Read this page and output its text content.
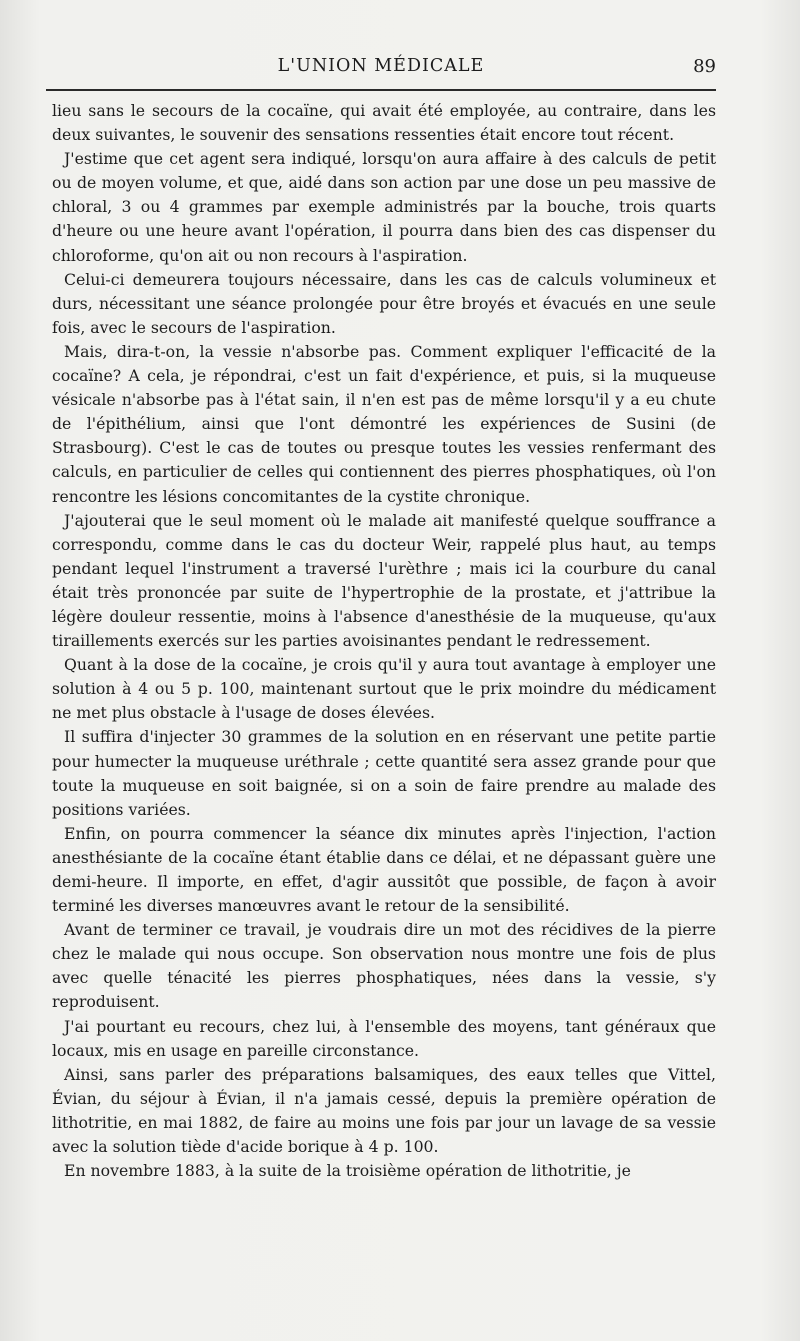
L'UNION MÉDICALE	89

lieu sans le secours de la cocaïne, qui avait été employée, au contraire, dans les deux suivantes, le souvenir des sensations ressenties était encore tout récent.

J'estime que cet agent sera indiqué, lorsqu'on aura affaire à des calculs de petit ou de moyen volume, et que, aidé dans son action par une dose un peu massive de chloral, 3 ou 4 grammes par exemple administrés par la bouche, trois quarts d'heure ou une heure avant l'opération, il pourra dans bien des cas dispenser du chloroforme, qu'on ait ou non recours à l'aspiration.

Celui-ci demeurera toujours nécessaire, dans les cas de calculs volumineux et durs, nécessitant une séance prolongée pour être broyés et évacués en une seule fois, avec le secours de l'aspiration.

Mais, dira-t-on, la vessie n'absorbe pas. Comment expliquer l'efficacité de la cocaïne? A cela, je répondrai, c'est un fait d'expérience, et puis, si la muqueuse vésicale n'absorbe pas à l'état sain, il n'en est pas de même lorsqu'il y a eu chute de l'épithélium, ainsi que l'ont démontré les expériences de Susini (de Strasbourg). C'est le cas de toutes ou presque toutes les vessies renfermant des calculs, en particulier de celles qui contiennent des pierres phosphatiques, où l'on rencontre les lésions concomitantes de la cystite chronique.

J'ajouterai que le seul moment où le malade ait manifesté quelque souffrance a correspondu, comme dans le cas du docteur Weir, rappelé plus haut, au temps pendant lequel l'instrument a traversé l'urèthre ; mais ici la courbure du canal était très prononcée par suite de l'hypertrophie de la prostate, et j'attribue la légère douleur ressentie, moins à l'absence d'anesthésie de la muqueuse, qu'aux tiraillements exercés sur les parties avoisinantes pendant le redressement.

Quant à la dose de la cocaïne, je crois qu'il y aura tout avantage à employer une solution à 4 ou 5 p. 100, maintenant surtout que le prix moindre du médicament ne met plus obstacle à l'usage de doses élevées.

Il suffira d'injecter 30 grammes de la solution en en réservant une petite partie pour humecter la muqueuse uréthrale ; cette quantité sera assez grande pour que toute la muqueuse en soit baignée, si on a soin de faire prendre au malade des positions variées.

Enfin, on pourra commencer la séance dix minutes après l'injection, l'action anesthésiante de la cocaïne étant établie dans ce délai, et ne dépassant guère une demi-heure. Il importe, en effet, d'agir aussitôt que possible, de façon à avoir terminé les diverses manœuvres avant le retour de la sensibilité.

Avant de terminer ce travail, je voudrais dire un mot des récidives de la pierre chez le malade qui nous occupe. Son observation nous montre une fois de plus avec quelle ténacité les pierres phosphatiques, nées dans la vessie, s'y reproduisent.

J'ai pourtant eu recours, chez lui, à l'ensemble des moyens, tant généraux que locaux, mis en usage en pareille circonstance.

Ainsi, sans parler des préparations balsamiques, des eaux telles que Vittel, Évian, du séjour à Évian, il n'a jamais cessé, depuis la première opération de lithotritie, en mai 1882, de faire au moins une fois par jour un lavage de sa vessie avec la solution tiède d'acide borique à 4 p. 100.

En novembre 1883, à la suite de la troisième opération de lithotritie, je
